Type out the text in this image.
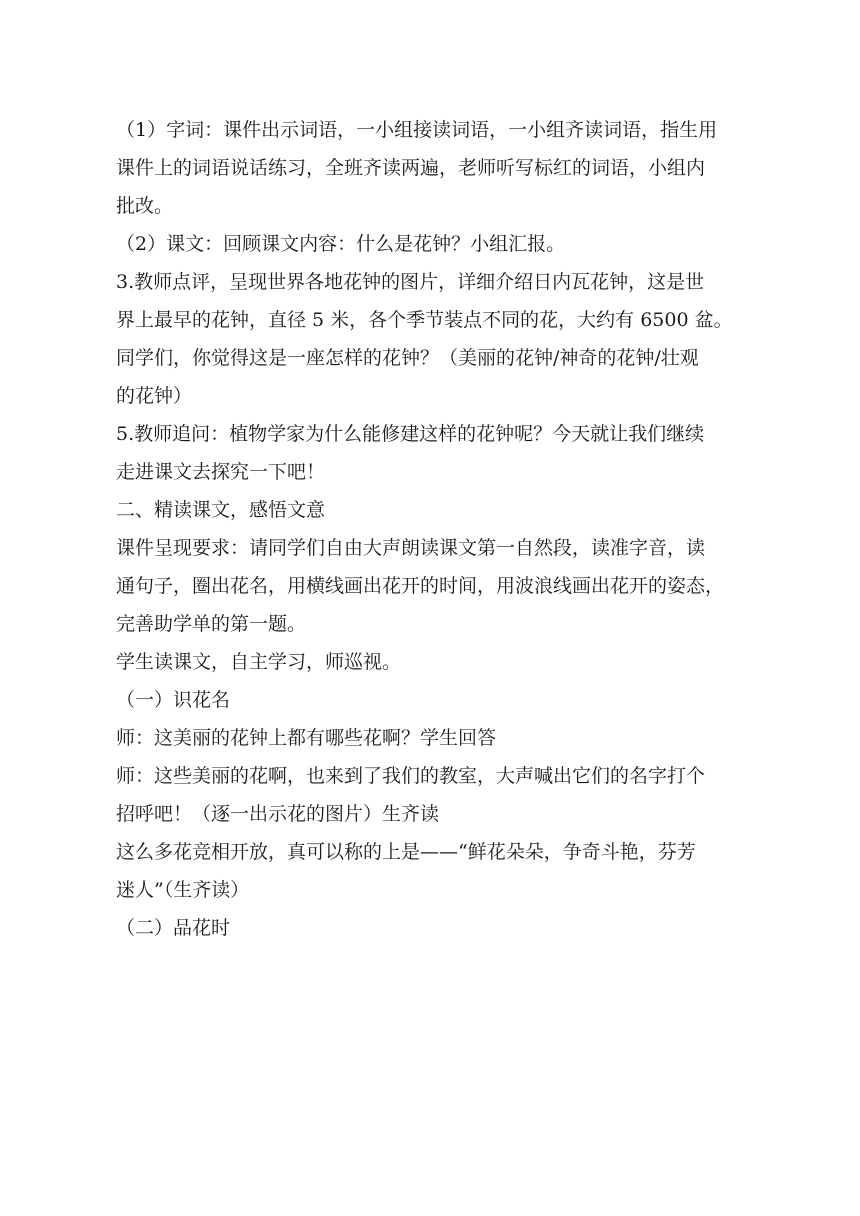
（1）字词：课件出示词语，一小组接读词语，一小组齐读词语，指生用

课件上的词语说话练习，全班齐读两遍，老师听写标红的词语，小组内

批改。

（2）课文：回顾课文内容：什么是花钟？小组汇报。

3.教师点评，呈现世界各地花钟的图片，详细介绍日内瓦花钟，这是世

界上最早的花钟，直径 5 米，各个季节装点不同的花，大约有 6500 盆。

同学们，你觉得这是一座怎样的花钟？（美丽的花钟/神奇的花钟/壮观

的花钟）

5.教师追问：植物学家为什么能修建这样的花钟呢？今天就让我们继续

走进课文去探究一下吧！

二、精读课文，感悟文意

课件呈现要求：请同学们自由大声朗读课文第一自然段，读准字音，读

通句子，圈出花名，用横线画出花开的时间，用波浪线画出花开的姿态，

完善助学单的第一题。

学生读课文，自主学习，师巡视。

（一）识花名

师：这美丽的花钟上都有哪些花啊？学生回答

师：这些美丽的花啊，也来到了我们的教室，大声喊出它们的名字打个

招呼吧！（逐一出示花的图片）生齐读

这么多花竞相开放，真可以称的上是——“鲜花朵朵，争奇斗艳，芬芳

迷人”（生齐读）

（二）品花时
